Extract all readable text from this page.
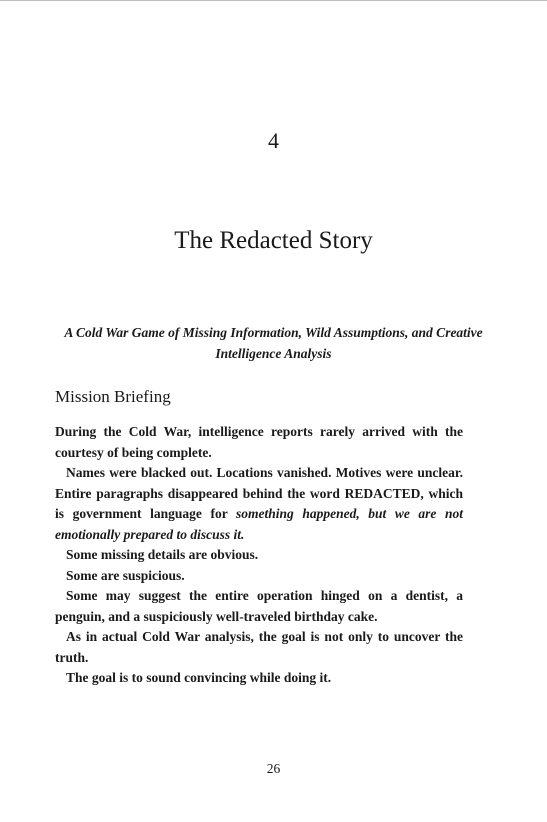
4
The Redacted Story
A Cold War Game of Missing Information, Wild Assumptions, and Creative Intelligence Analysis
Mission Briefing

During the Cold War, intelligence reports rarely arrived with the courtesy of being complete.

Names were blacked out. Locations vanished. Motives were unclear. Entire paragraphs disappeared behind the word REDACTED, which is government language for something happened, but we are not emotionally prepared to discuss it.

Some missing details are obvious.

Some are suspicious.

Some may suggest the entire operation hinged on a dentist, a penguin, and a suspiciously well-traveled birthday cake.

As in actual Cold War analysis, the goal is not only to uncover the truth.

The goal is to sound convincing while doing it.

26
